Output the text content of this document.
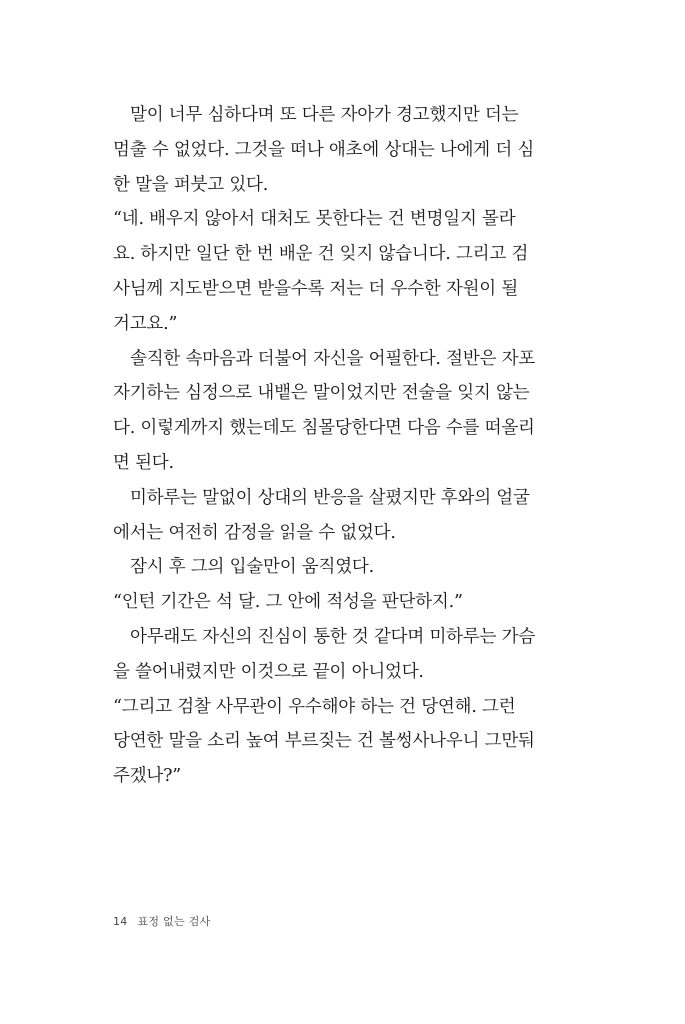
말이 너무 심하다며 또 다른 자아가 경고했지만 더는
멈출 수 없었다. 그것을 떠나 애초에 상대는 나에게 더 심
한 말을 퍼붓고 있다.
“네. 배우지 않아서 대처도 못한다는 건 변명일지 몰라
요. 하지만 일단 한 번 배운 건 잊지 않습니다. 그리고 검
사님께 지도받으면 받을수록 저는 더 우수한 자원이 될
거고요.”
솔직한 속마음과 더불어 자신을 어필한다. 절반은 자포
자기하는 심정으로 내뱉은 말이었지만 전술을 잊지 않는
다. 이렇게까지 했는데도 침몰당한다면 다음 수를 떠올리
면 된다.
미하루는 말없이 상대의 반응을 살폈지만 후와의 얼굴
에서는 여전히 감정을 읽을 수 없었다.
잠시 후 그의 입술만이 움직였다.
“인턴 기간은 석 달. 그 안에 적성을 판단하지.”
아무래도 자신의 진심이 통한 것 같다며 미하루는 가슴
을 쓸어내렸지만 이것으로 끝이 아니었다.
“그리고 검찰 사무관이 우수해야 하는 건 당연해. 그런
당연한 말을 소리 높여 부르짖는 건 볼썽사나우니 그만둬
주겠나?”
14 표정 없는 검사
